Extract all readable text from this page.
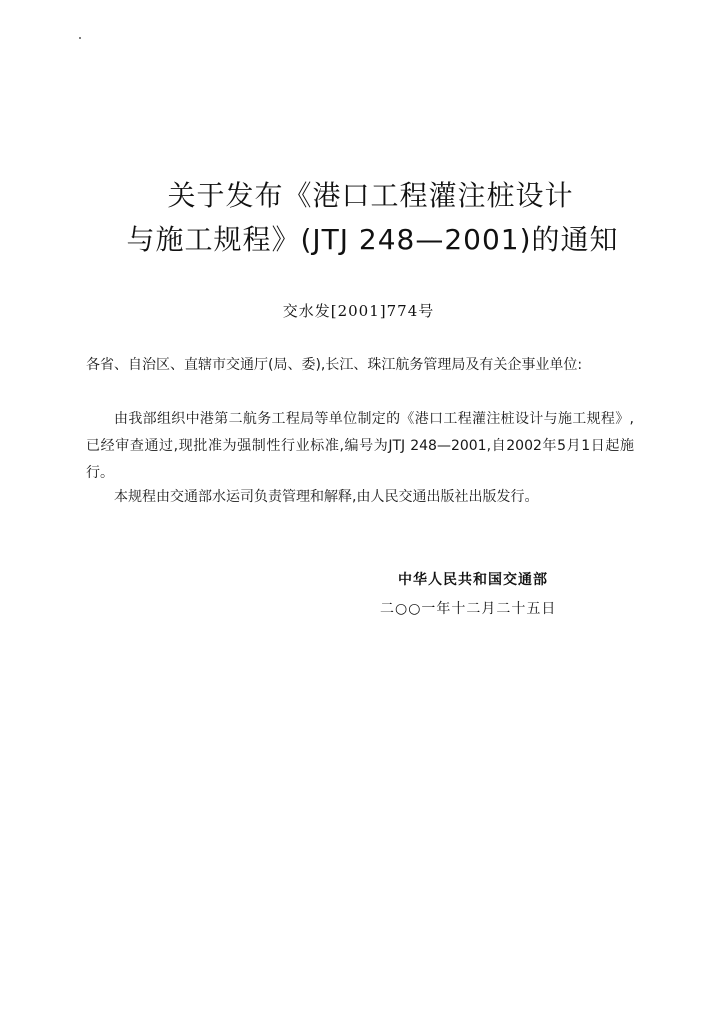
关于发布《港口工程灌注桩设计
与施工规程》(JTJ 248—2001)的通知
交水发[2001]774号
各省、自治区、直辖市交通厅(局、委),长江、珠江航务管理局及有关企事业单位:
由我部组织中港第二航务工程局等单位制定的《港口工程灌注桩设计与施工规程》,已经审查通过,现批准为强制性行业标准,编号为JTJ 248—2001,自2002年5月1日起施行。
本规程由交通部水运司负责管理和解释,由人民交通出版社出版发行。
中华人民共和国交通部
二○○一年十二月二十五日
